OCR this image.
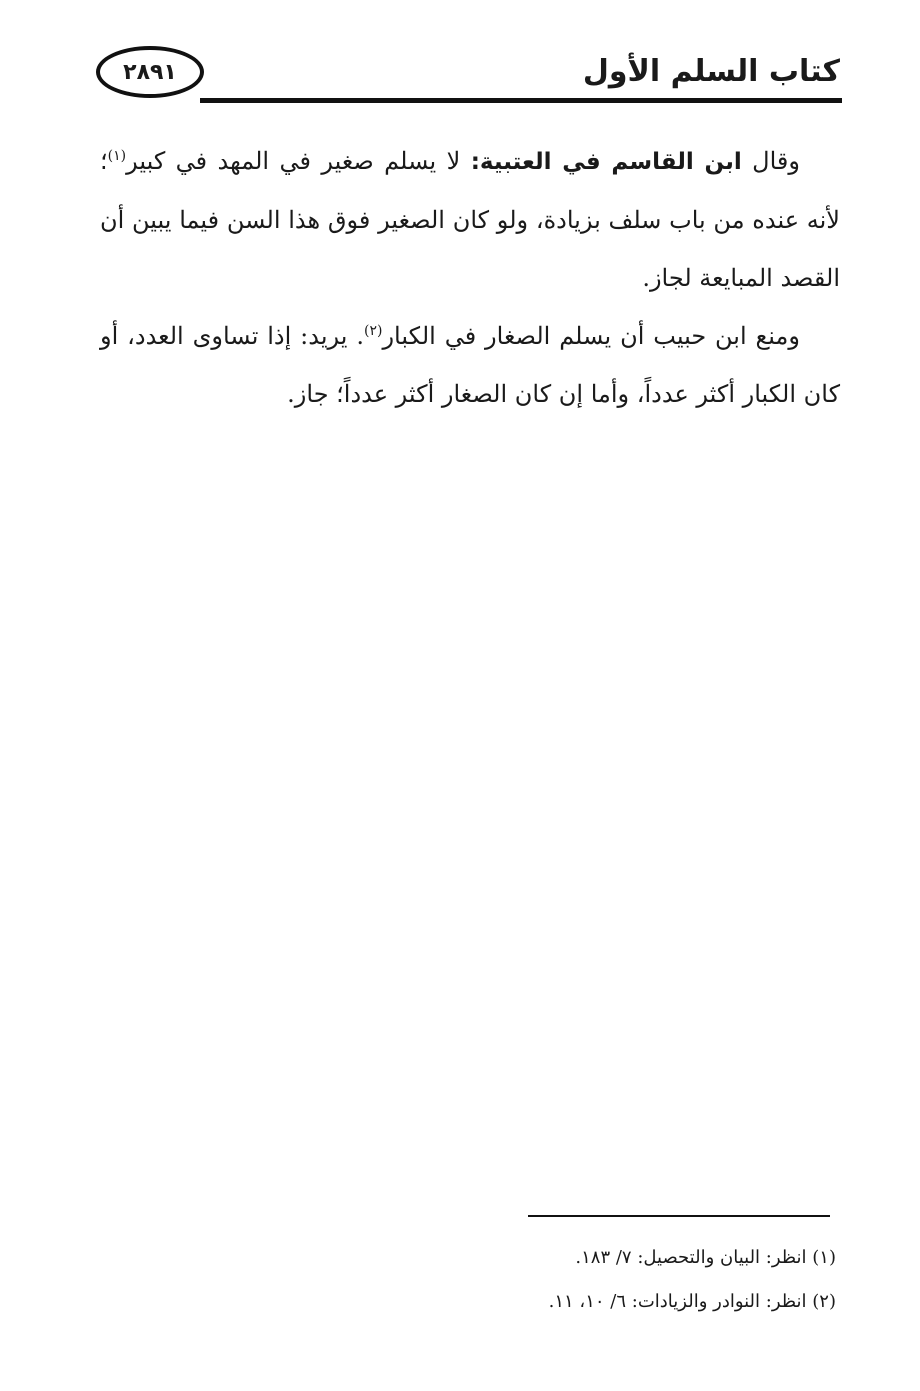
٢٨٩١	كتاب السلم الأول

وقال ابن القاسم في العتبية: لا يسلم صغير في المهد في كبير$^{(١)}$؛ لأنه عنده من باب سلف بزيادة، ولو كان الصغير فوق هذا السن فيما يبين أن القصد المبايعة لجاز.

ومنع ابن حبيب أن يسلم الصغار في الكبار$^{(٢)}$. يريد: إذا تساوى العدد، أو كان الكبار أكثر عدداً، وأما إن كان الصغار أكثر عدداً؛ جاز.

(١) انظر: البيان والتحصيل: ٧/ ١٨٣.

(٢) انظر: النوادر والزيادات: ٦/ ١٠، ١١.
